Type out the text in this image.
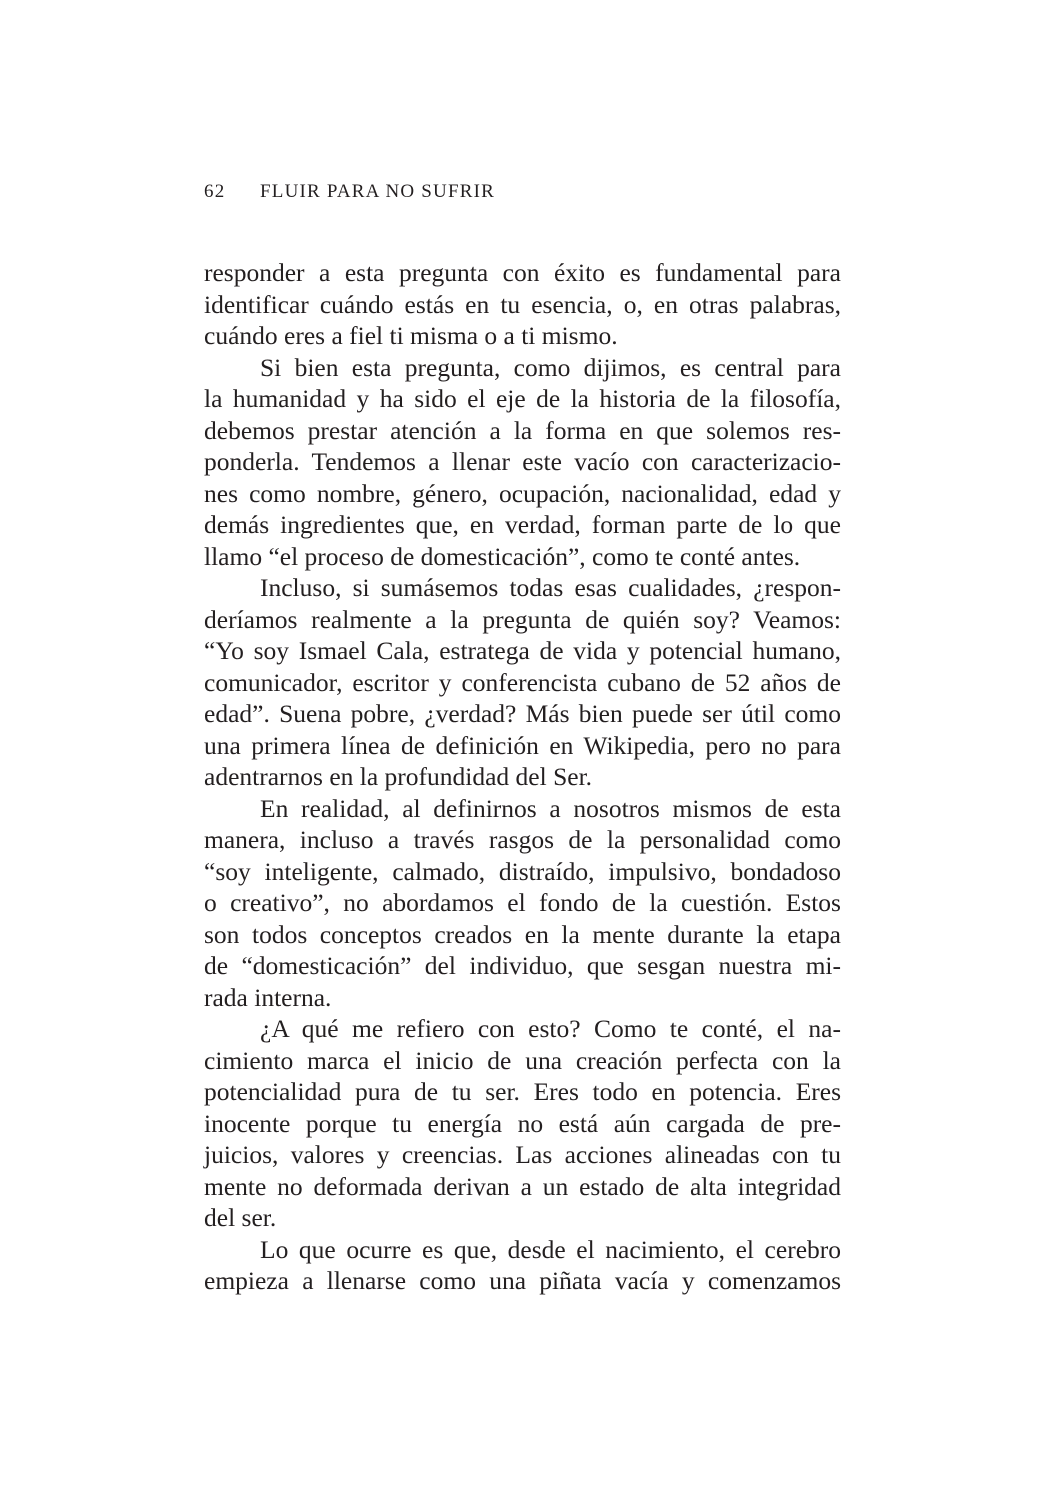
62 FLUIR PARA NO SUFRIR

responder a esta pregunta con éxito es fundamental para

identificar cuándo estás en tu esencia, o, en otras palabras,

cuándo eres a fiel ti misma o a ti mismo.

Si bien esta pregunta, como dijimos, es central para

la humanidad y ha sido el eje de la historia de la filosofía,

debemos prestar atención a la forma en que solemos res-

ponderla. Tendemos a llenar este vacío con caracterizacio-

nes como nombre, género, ocupación, nacionalidad, edad y

demás ingredientes que, en verdad, forman parte de lo que

llamo “el proceso de domesticación”, como te conté antes.

Incluso, si sumásemos todas esas cualidades, ¿respon-

deríamos realmente a la pregunta de quién soy? Veamos:

“Yo soy Ismael Cala, estratega de vida y potencial humano,

comunicador, escritor y conferencista cubano de 52 años de

edad”. Suena pobre, ¿verdad? Más bien puede ser útil como

una primera línea de definición en Wikipedia, pero no para

adentrarnos en la profundidad del Ser.

En realidad, al definirnos a nosotros mismos de esta

manera, incluso a través rasgos de la personalidad como

“soy inteligente, calmado, distraído, impulsivo, bondadoso

o creativo”, no abordamos el fondo de la cuestión. Estos

son todos conceptos creados en la mente durante la etapa

de “domesticación” del individuo, que sesgan nuestra mi-

rada interna.

¿A qué me refiero con esto? Como te conté, el na-

cimiento marca el inicio de una creación perfecta con la

potencialidad pura de tu ser. Eres todo en potencia. Eres

inocente porque tu energía no está aún cargada de pre-

juicios, valores y creencias. Las acciones alineadas con tu

mente no deformada derivan a un estado de alta integridad

del ser.

Lo que ocurre es que, desde el nacimiento, el cerebro

empieza a llenarse como una piñata vacía y comenzamos
